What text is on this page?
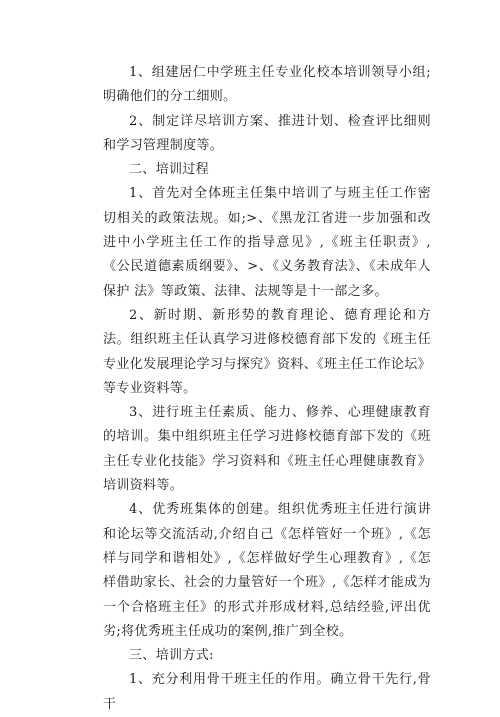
1、组建居仁中学班主任专业化校本培训领导小组;明确他们的分工细则。

2、制定详尽培训方案、推进计划、检查评比细则和学习管理制度等。

二、培训过程

1、首先对全体班主任集中培训了与班主任工作密切相关的政策法规。如;>、《黑龙江省进一步加强和改进中小学班主任工作的指导意见》,《班主任职责》,《公民道德素质纲要》、>、《义务教育法》、《未成年人保护 法》等政策、法律、法规等是十一部之多。

2、新时期、新形势的教育理论、德育理论和方法。组织班主任认真学习进修校德育部下发的《班主任专业化发展理论学习与探究》资料、《班主任工作论坛》等专业资料等。

3、进行班主任素质、能力、修养、心理健康教育的培训。集中组织班主任学习进修校德育部下发的《班主任专业化技能》学习资料和《班主任心理健康教育》培训资料等。

4、优秀班集体的创建。组织优秀班主任进行演讲和论坛等交流活动,介绍自己《怎样管好一个班》,《怎样与同学和谐相处》,《怎样做好学生心理教育》,《怎样借助家长、社会的力量管好一个班》,《怎样才能成为一个合格班主任》的形式并形成材料,总结经验,评出优劣;将优秀班主任成功的案例,推广到全校。

三、培训方式:

1、充分利用骨干班主任的作用。确立骨干先行,骨干
